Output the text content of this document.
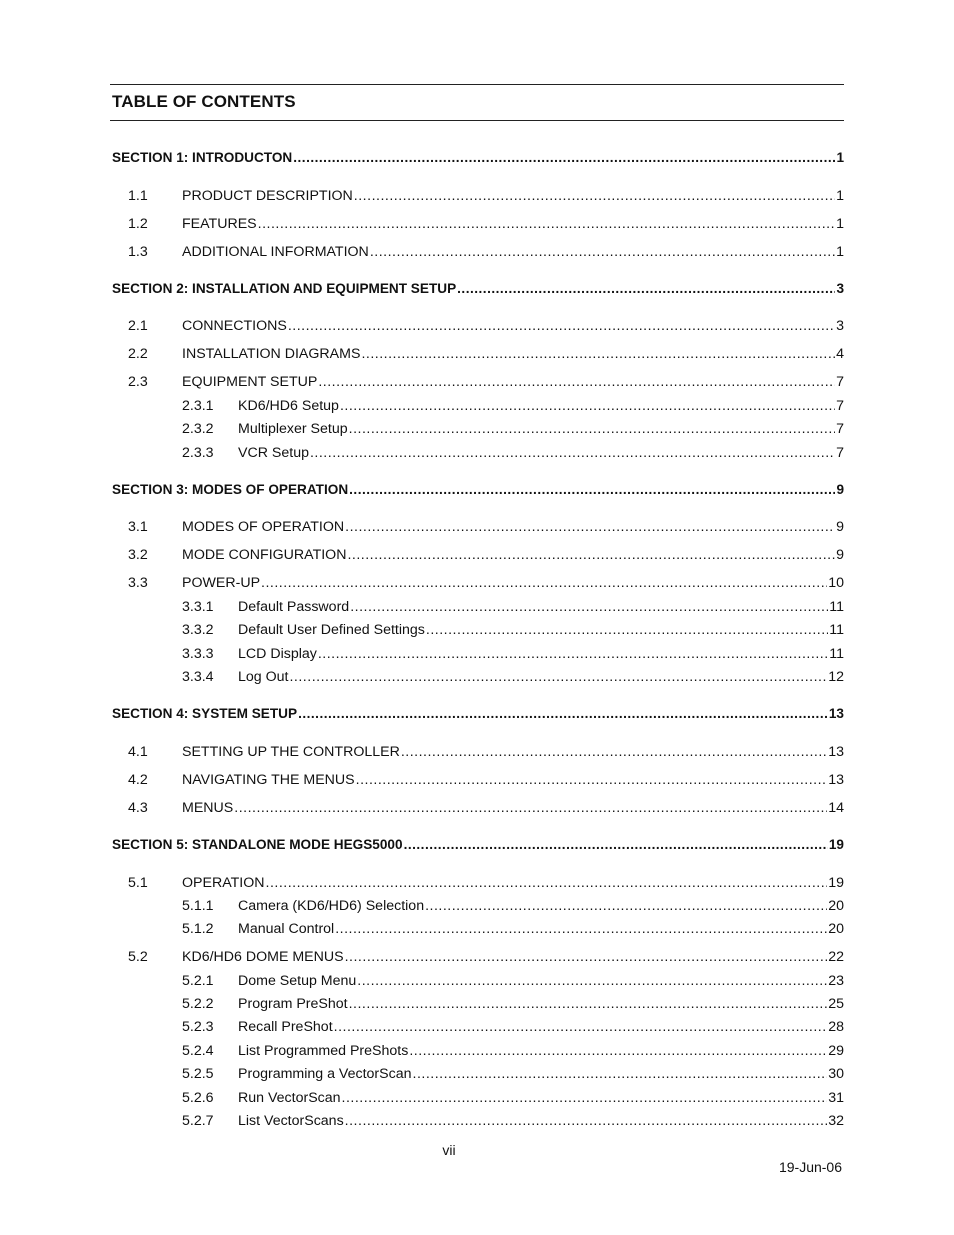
TABLE OF CONTENTS
SECTION 1: INTRODUCTON .....	1
1.1 PRODUCT DESCRIPTION .....	1
1.2 FEATURES .....	1
1.3 ADDITIONAL INFORMATION .....	1
SECTION 2: INSTALLATION AND EQUIPMENT SETUP .....	3
2.1 CONNECTIONS .....	3
2.2 INSTALLATION DIAGRAMS .....	4
2.3 EQUIPMENT SETUP .....	7
2.3.1 KD6/HD6 Setup .....	7
2.3.2 Multiplexer Setup .....	7
2.3.3 VCR Setup .....	7
SECTION 3: MODES OF OPERATION .....	9
3.1 MODES OF OPERATION .....	9
3.2 MODE CONFIGURATION .....	9
3.3 POWER-UP .....	10
3.3.1 Default Password .....	11
3.3.2 Default User Defined Settings .....	11
3.3.3 LCD Display .....	11
3.3.4 Log Out .....	12
SECTION 4: SYSTEM SETUP .....	13
4.1 SETTING UP THE CONTROLLER .....	13
4.2 NAVIGATING THE MENUS .....	13
4.3 MENUS .....	14
SECTION 5: STANDALONE MODE HEGS5000 .....	19
5.1 OPERATION .....	19
5.1.1 Camera (KD6/HD6) Selection .....	20
5.1.2 Manual Control .....	20
5.2 KD6/HD6 DOME MENUS .....	22
5.2.1 Dome Setup Menu .....	23
5.2.2 Program PreShot .....	25
5.2.3 Recall PreShot .....	28
5.2.4 List Programmed PreShots .....	29
5.2.5 Programming a VectorScan .....	30
5.2.6 Run VectorScan .....	31
5.2.7 List VectorScans .....	32
vii
19-Jun-06
